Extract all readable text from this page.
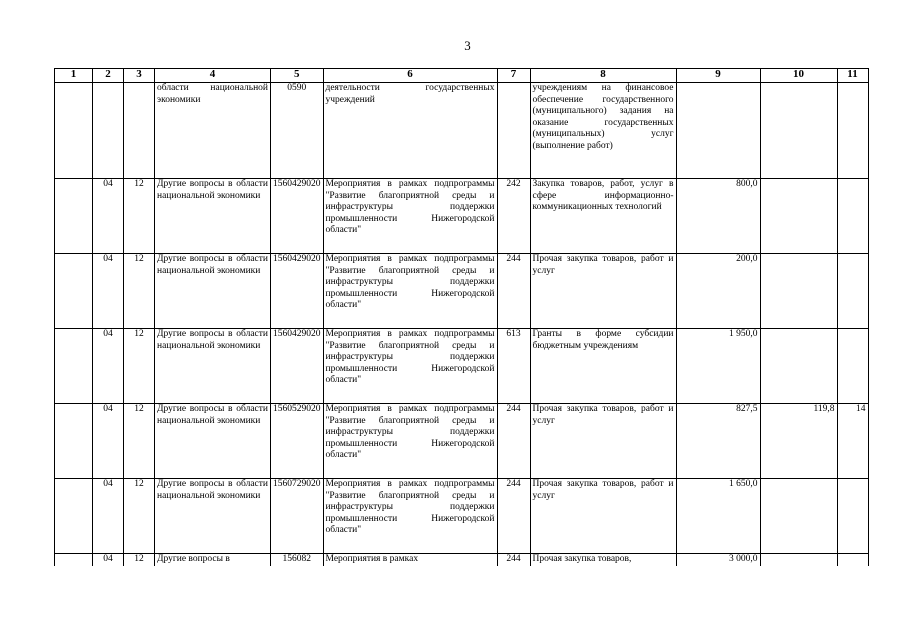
3
1	2	3	4	5	6	7	8	9	10	11
			области национальной экономики	0590	деятельности государственных учреждений		учреждениям на финансовое обеспечение государственного (муниципального) задания на оказание государственных (муниципальных) услуг (выполнение работ)			
	04	12	Другие вопросы в области национальной экономики	1560429020	Мероприятия в рамках подпрограммы "Развитие благоприятной среды и инфраструктуры поддержки промышленности Нижегородской области"	242	Закупка товаров, работ, услуг в сфере информационно-коммуникационных технологий	800,0		
	04	12	Другие вопросы в области национальной экономики	1560429020	Мероприятия в рамках подпрограммы "Развитие благоприятной среды и инфраструктуры поддержки промышленности Нижегородской области"	244	Прочая закупка товаров, работ и услуг	200,0		
	04	12	Другие вопросы в области национальной экономики	1560429020	Мероприятия в рамках подпрограммы "Развитие благоприятной среды и инфраструктуры поддержки промышленности Нижегородской области"	613	Гранты в форме субсидии бюджетным учреждениям	1 950,0		
	04	12	Другие вопросы в области национальной экономики	1560529020	Мероприятия в рамках подпрограммы "Развитие благоприятной среды и инфраструктуры поддержки промышленности Нижегородской области"	244	Прочая закупка товаров, работ и услуг	827,5	119,8	14
	04	12	Другие вопросы в области национальной экономики	1560729020	Мероприятия в рамках подпрограммы "Развитие благоприятной среды и инфраструктуры поддержки промышленности Нижегородской области"	244	Прочая закупка товаров, работ и услуг	1 650,0		
	04	12	Другие вопросы в	156082	Мероприятия в рамках	244	Прочая закупка товаров,	3 000,0		
